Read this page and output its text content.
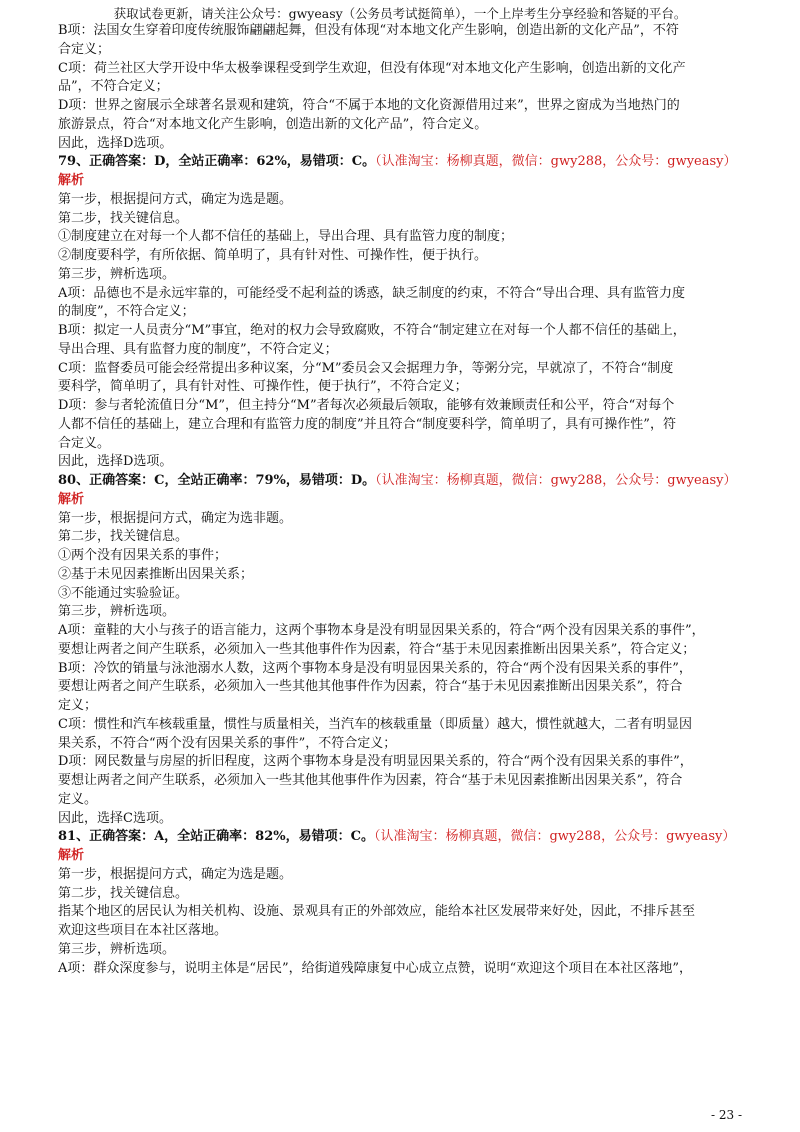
获取试卷更新，请关注公众号：gwyeasy（公务员考试挺简单），一个上岸考生分享经验和答疑的平台。
B项：法国女生穿着印度传统服饰翩翩起舞，但没有体现“对本地文化产生影响，创造出新的文化产品”，不符
合定义；
C项：荷兰社区大学开设中华太极拳课程受到学生欢迎，但没有体现“对本地文化产生影响，创造出新的文化产
品”，不符合定义；
D项：世界之窗展示全球著名景观和建筑，符合“不属于本地的文化资源借用过来”，世界之窗成为当地热门的
旅游景点，符合“对本地文化产生影响，创造出新的文化产品”，符合定义。
因此，选择D选项。
79、正确答案：D，全站正确率：62%，易错项：C。（认准淘宝：杨柳真题，微信：gwy288，公众号：gwyeasy）
解析
第一步，根据提问方式，确定为选是题。
第二步，找关键信息。
①制度建立在对每一个人都不信任的基础上，导出合理、具有监管力度的制度；
②制度要科学，有所依据、简单明了，具有针对性、可操作性，便于执行。
第三步，辨析选项。
A项：品德也不是永远牢靠的，可能经受不起利益的诱惑，缺乏制度的约束，不符合“导出合理、具有监管力度
的制度”，不符合定义；
B项：拟定一人员责分“M”事宜，绝对的权力会导致腐败，不符合“制定建立在对每一个人都不信任的基础上，
导出合理、具有监督力度的制度”，不符合定义；
C项：监督委员可能会经常提出多种议案，分“M”委员会又会据理力争，等粥分完，早就凉了，不符合“制度
要科学，简单明了，具有针对性、可操作性，便于执行”，不符合定义；
D项：参与者轮流值日分“M”，但主持分“M”者每次必须最后领取，能够有效兼顾责任和公平，符合“对每个
人都不信任的基础上，建立合理和有监管力度的制度”并且符合“制度要科学，简单明了，具有可操作性”，符
合定义。
因此，选择D选项。
80、正确答案：C，全站正确率：79%，易错项：D。（认准淘宝：杨柳真题，微信：gwy288，公众号：gwyeasy）
解析
第一步，根据提问方式，确定为选非题。
第二步，找关键信息。
①两个没有因果关系的事件；
②基于未见因素推断出因果关系；
③不能通过实验验证。
第三步，辨析选项。
A项：童鞋的大小与孩子的语言能力，这两个事物本身是没有明显因果关系的，符合“两个没有因果关系的事件”，
要想让两者之间产生联系，必须加入一些其他事件作为因素，符合“基于未见因素推断出因果关系”，符合定义；
B项：冷饮的销量与泳池溺水人数，这两个事物本身是没有明显因果关系的，符合“两个没有因果关系的事件”，
要想让两者之间产生联系，必须加入一些其他其他事件作为因素，符合“基于未见因素推断出因果关系”，符合
定义；
C项：惯性和汽车核载重量，惯性与质量相关，当汽车的核载重量（即质量）越大，惯性就越大，二者有明显因
果关系，不符合“两个没有因果关系的事件”，不符合定义；
D项：网民数量与房屋的折旧程度，这两个事物本身是没有明显因果关系的，符合“两个没有因果关系的事件”，
要想让两者之间产生联系，必须加入一些其他其他事件作为因素，符合“基于未见因素推断出因果关系”，符合
定义。
因此，选择C选项。
81、正确答案：A，全站正确率：82%，易错项：C。（认准淘宝：杨柳真题，微信：gwy288，公众号：gwyeasy）
解析
第一步，根据提问方式，确定为选是题。
第二步，找关键信息。
指某个地区的居民认为相关机构、设施、景观具有正的外部效应，能给本社区发展带来好处，因此，不排斥甚至
欢迎这些项目在本社区落地。
第三步，辨析选项。
A项：群众深度参与，说明主体是“居民”，给街道残障康复中心成立点赞，说明“欢迎这个项目在本社区落地”，
- 23 -
